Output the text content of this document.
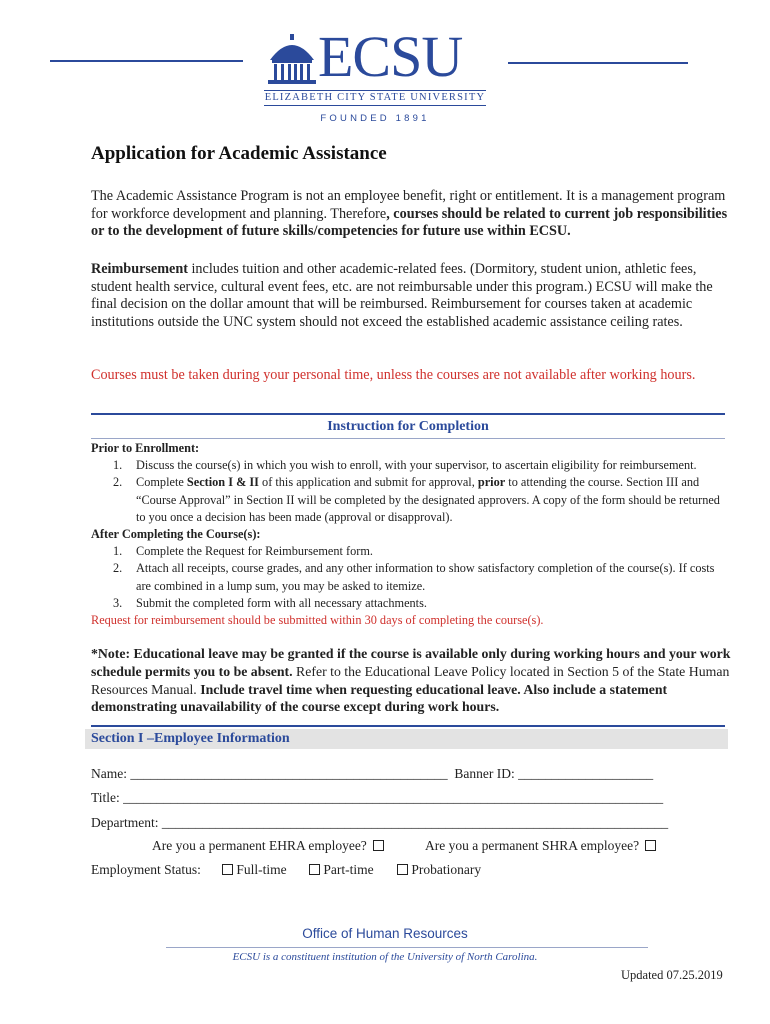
ECSU
ELIZABETH CITY STATE UNIVERSITY
FOUNDED 1891
Application for Academic Assistance
The Academic Assistance Program is not an employee benefit, right or entitlement. It is a management program for workforce development and planning. Therefore, courses should be related to current job responsibilities or to the development of future skills/competencies for future use within ECSU.
Reimbursement includes tuition and other academic-related fees. (Dormitory, student union, athletic fees, student health service, cultural event fees, etc. are not reimbursable under this program.) ECSU will make the final decision on the dollar amount that will be reimbursed. Reimbursement for courses taken at academic institutions outside the UNC system should not exceed the established academic assistance ceiling rates.
Courses must be taken during your personal time, unless the courses are not available after working hours.
Instruction for Completion
Prior to Enrollment:
1. Discuss the course(s) in which you wish to enroll, with your supervisor, to ascertain eligibility for reimbursement.
2. Complete Section I & II of this application and submit for approval, prior to attending the course. Section III and “Course Approval” in Section II will be completed by the designated approvers. A copy of the form should be returned to you once a decision has been made (approval or disapproval).
After Completing the Course(s):
1. Complete the Request for Reimbursement form.
2. Attach all receipts, course grades, and any other information to show satisfactory completion of the course(s). If costs are combined in a lump sum, you may be asked to itemize.
3. Submit the completed form with all necessary attachments.
Request for reimbursement should be submitted within 30 days of completing the course(s).
*Note: Educational leave may be granted if the course is available only during working hours and your work schedule permits you to be absent. Refer to the Educational Leave Policy located in Section 5 of the State Human Resources Manual. Include travel time when requesting educational leave. Also include a statement demonstrating unavailability of the course except during work hours.
Section I –Employee Information
Name: _______________________________________________  Banner ID: ____________________
Title: ________________________________________________________________________________
Department: ___________________________________________________________________________
Are you a permanent EHRA employee?	Are you a permanent SHRA employee?
Employment Status:	Full-time	Part-time	Probationary
Office of Human Resources
ECSU is a constituent institution of the University of North Carolina.
Updated 07.25.2019
